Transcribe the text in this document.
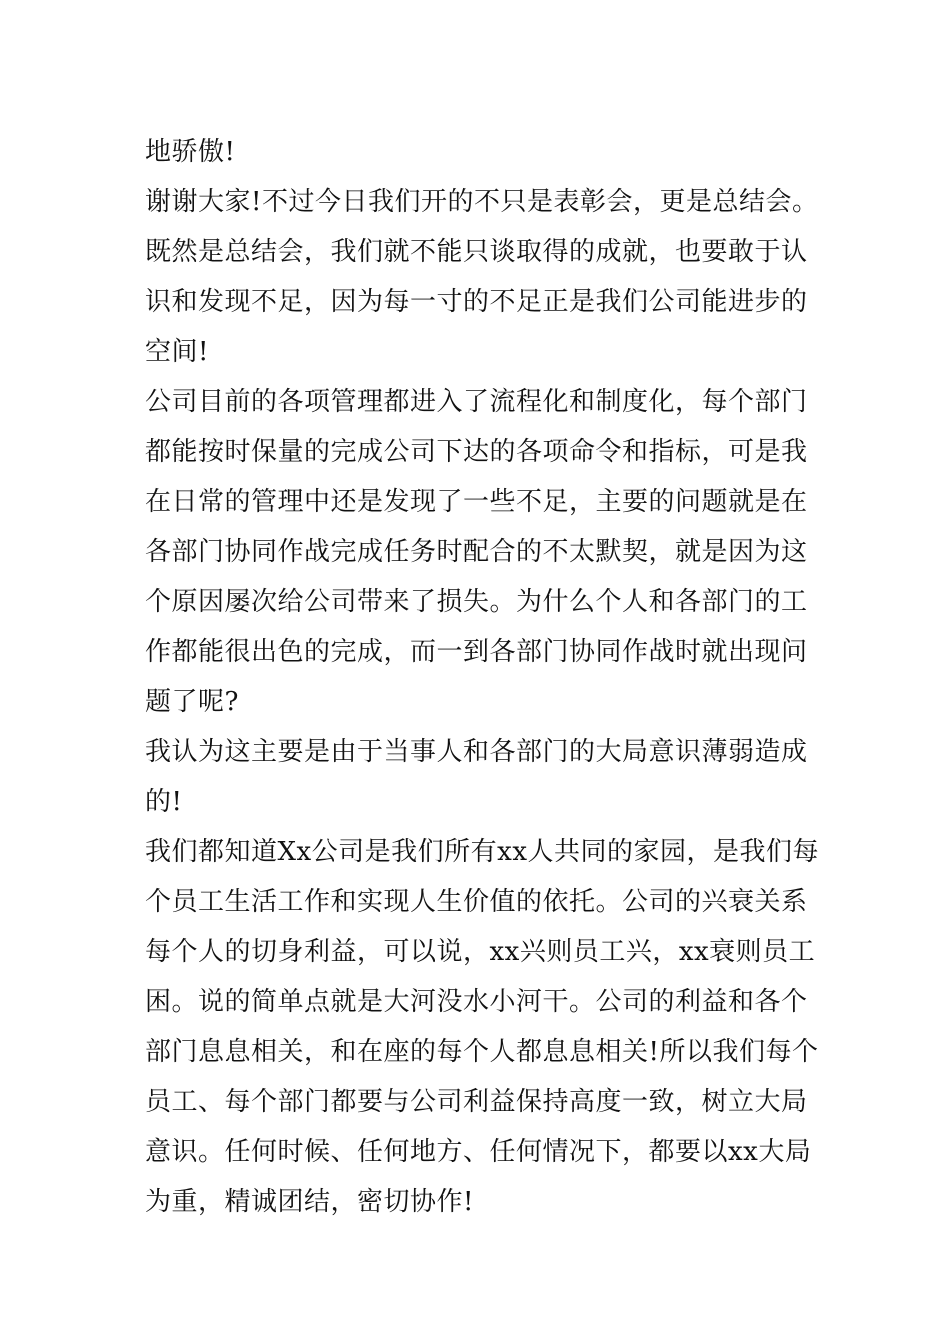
地骄傲!
谢谢大家!不过今日我们开的不只是表彰会，更是总结会。
既然是总结会，我们就不能只谈取得的成就，也要敢于认
识和发现不足，因为每一寸的不足正是我们公司能进步的
空间!
公司目前的各项管理都进入了流程化和制度化，每个部门
都能按时保量的完成公司下达的各项命令和指标，可是我
在日常的管理中还是发现了一些不足，主要的问题就是在
各部门协同作战完成任务时配合的不太默契，就是因为这
个原因屡次给公司带来了损失。为什么个人和各部门的工
作都能很出色的完成，而一到各部门协同作战时就出现问
题了呢?
我认为这主要是由于当事人和各部门的大局意识薄弱造成
的!
我们都知道Xx公司是我们所有xx人共同的家园，是我们每
个员工生活工作和实现人生价值的依托。公司的兴衰关系
每个人的切身利益，可以说，xx兴则员工兴，xx衰则员工
困。说的简单点就是大河没水小河干。公司的利益和各个
部门息息相关，和在座的每个人都息息相关!所以我们每个
员工、每个部门都要与公司利益保持高度一致，树立大局
意识。任何时候、任何地方、任何情况下，都要以xx大局
为重，精诚团结，密切协作!
